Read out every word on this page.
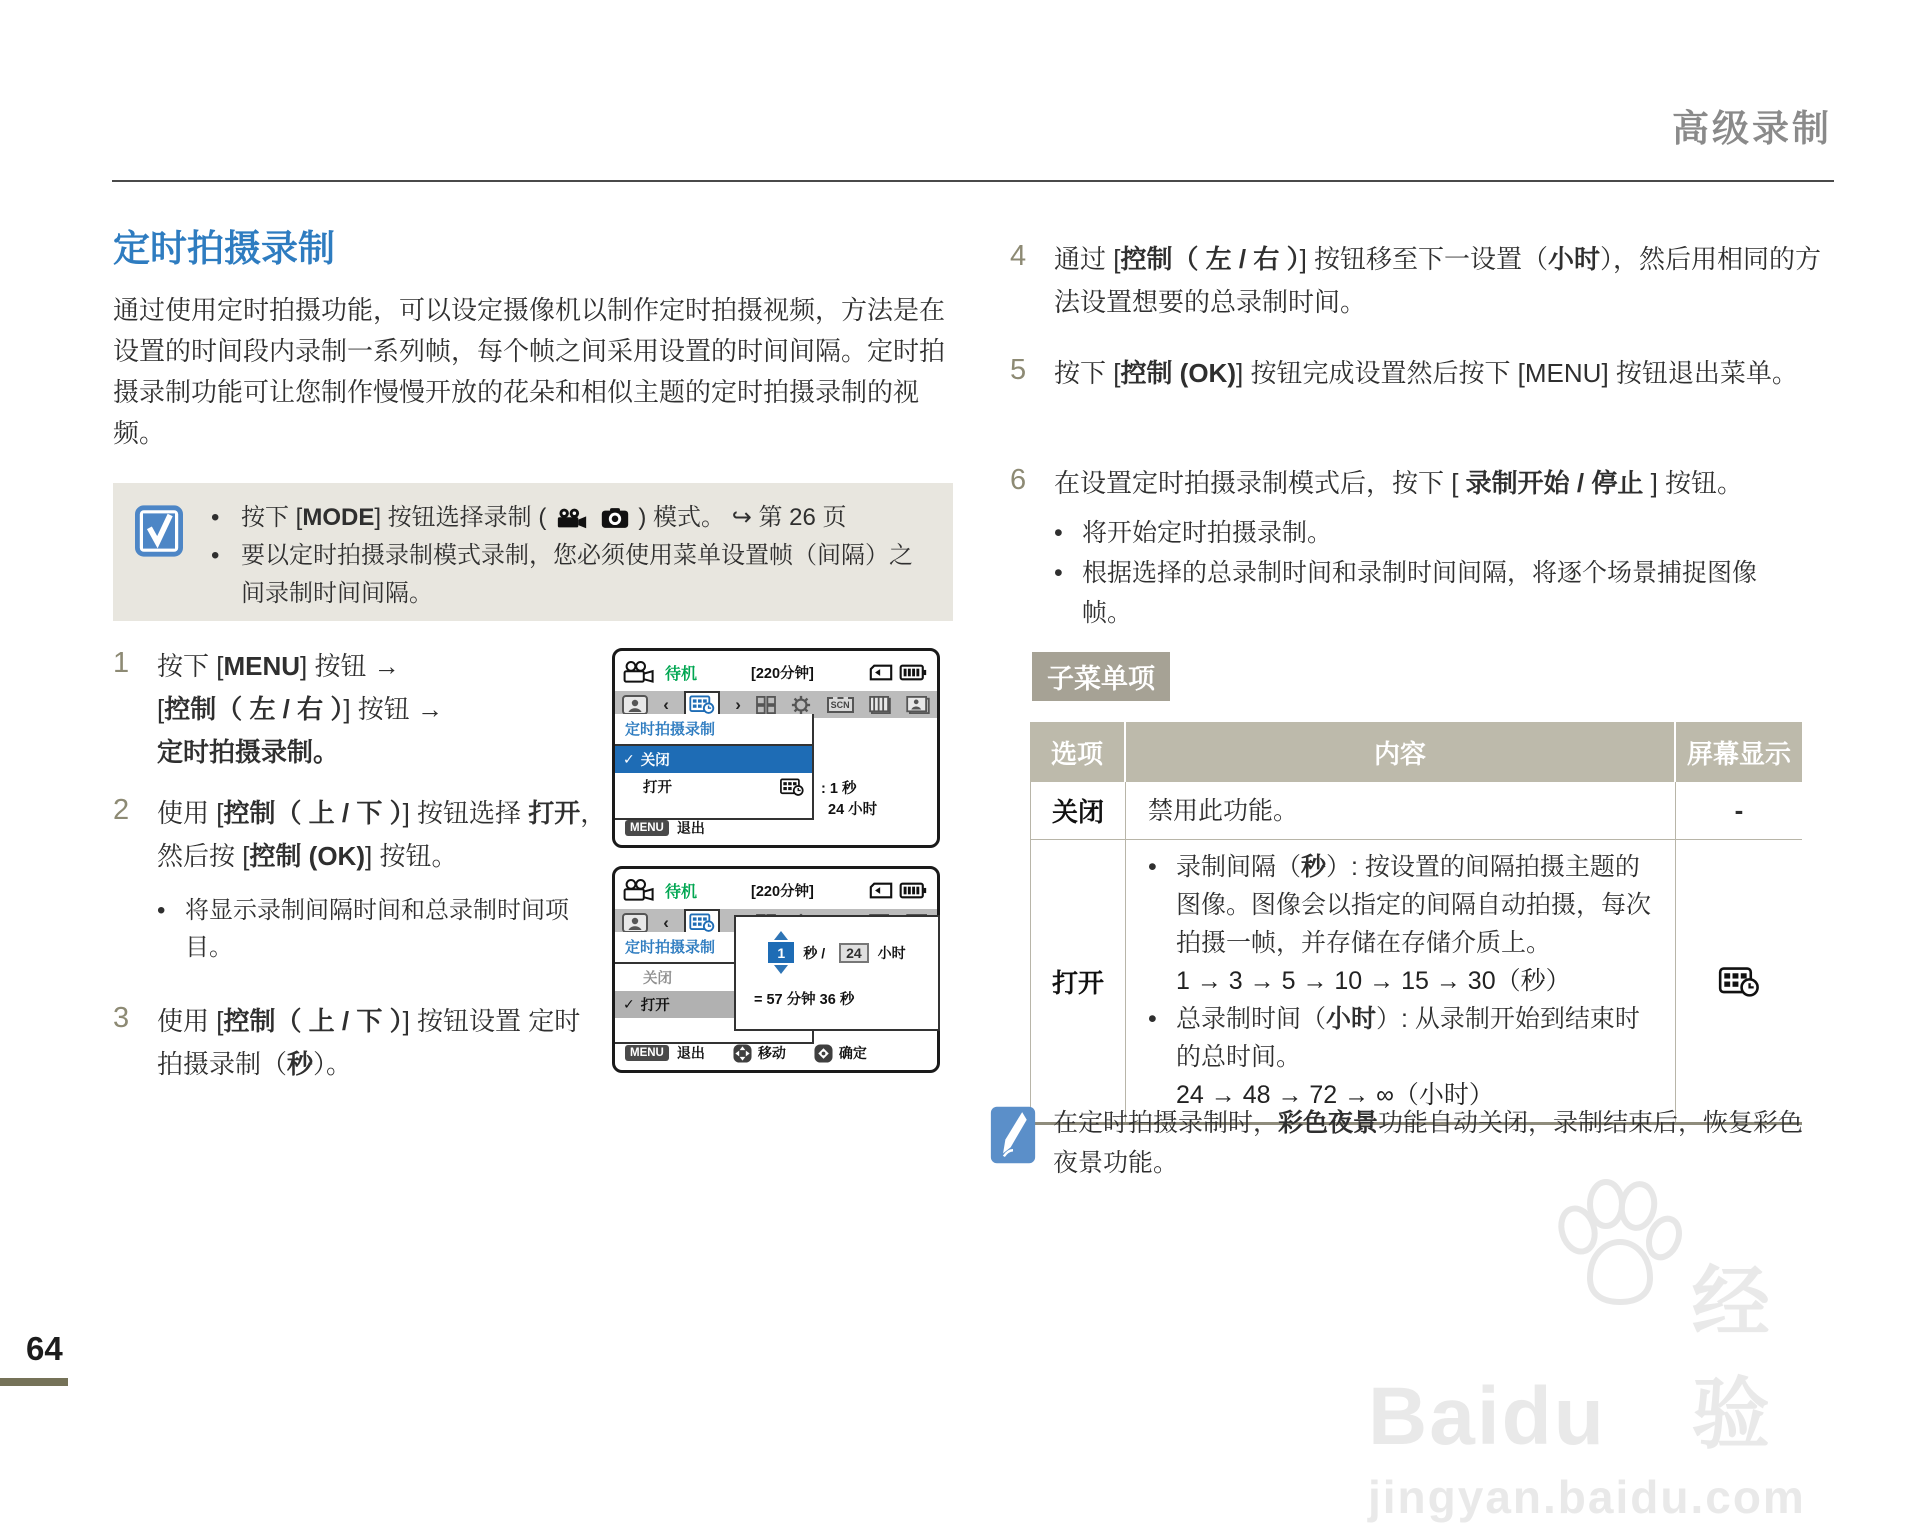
高级录制
定时拍摄录制
通过使用定时拍摄功能，可以设定摄像机以制作定时拍摄视频，方法是在设置的时间段内录制一系列帧，每个帧之间采用设置的时间间隔。定时拍摄录制功能可让您制作慢慢开放的花朵和相似主题的定时拍摄录制的视频。
• 按下 [MODE] 按钮选择录制 (	) 模式。 ↪ 第 26 页
• 要以定时拍摄录制模式录制，您必须使用菜单设置帧（间隔）之间录制时间间隔。
1	按下 [MENU] 按钮 →
[控制（ 左 / 右 ）] 按钮 →
定时拍摄录制。
2	使用 [控制（ 上 / 下 ）] 按钮选择 打开，然后按 [控制 (OK)] 按钮。
• 将显示录制间隔时间和总录制时间项目。
3	使用 [控制（ 上 / 下 ）] 按钮设置 定时拍摄录制（秒）。
待机	[220分钟]
‹	›	SCN
定时拍摄录制
✓ 关闭
打开	: 1 秒
24 小时
MENU 退出
待机	[220分钟]
‹
定时拍摄录制
关闭
✓ 打开
1	秒 /	24	小时
= 57 分钟 36 秒
MENU 退出	移动	确定
4	通过 [控制（ 左 / 右 ）] 按钮移至下一设置（小时），然后用相同的方法设置想要的总录制时间。
5	按下 [控制 (OK)] 按钮完成设置然后按下 [MENU] 按钮退出菜单。
6	在设置定时拍摄录制模式后，按下 [ 录制开始 / 停止 ] 按钮。
• 将开始定时拍摄录制。
• 根据选择的总录制时间和录制时间间隔，将逐个场景捕捉图像帧。
子菜单项
选项	内容	屏幕显示
关闭	禁用此功能。	-
打开
• 录制间隔（秒）: 按设置的间隔拍摄主题的图像。图像会以指定的间隔自动拍摄，每次拍摄一帧，并存储在存储介质上。
1 → 3 → 5 → 10 → 15 → 30（秒）
• 总录制时间（小时）: 从录制开始到结束时的总时间。
24 → 48 → 72 → ∞（小时）
在定时拍摄录制时，彩色夜景功能自动关闭，录制结束后，恢复彩色夜景功能。
64
Baidu
经验
jingyan.baidu.com
